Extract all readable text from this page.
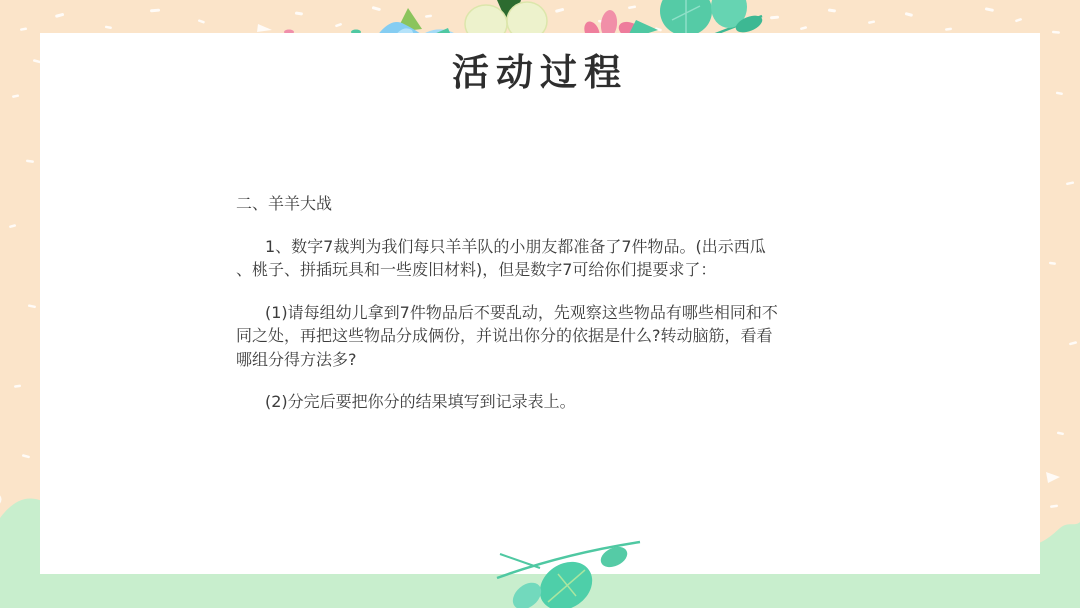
活动过程
二、羊羊大战
1、数字7裁判为我们每只羊羊队的小朋友都准备了7件物品。(出示西瓜
、桃子、拼插玩具和一些废旧材料)，但是数字7可给你们提要求了：
(1)请每组幼儿拿到7件物品后不要乱动，先观察这些物品有哪些相同和不
同之处，再把这些物品分成俩份，并说出你分的依据是什么?转动脑筋，看看
哪组分得方法多?
(2)分完后要把你分的结果填写到记录表上。
